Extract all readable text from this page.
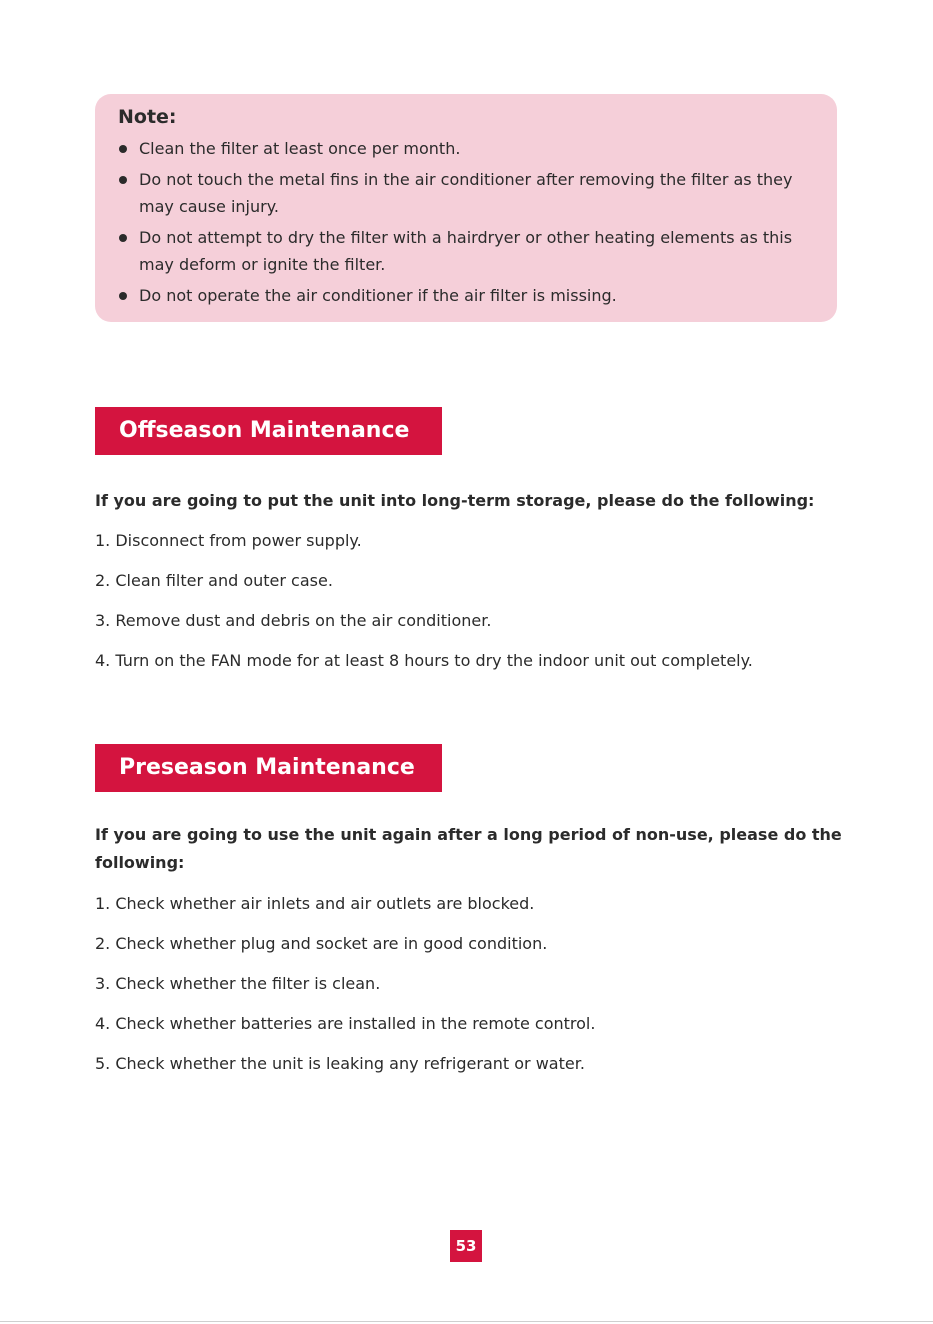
Note:
Clean the filter at least once per month.
Do not touch the metal fins in the air conditioner after removing the filter as they may cause injury.
Do not attempt to dry the filter with a hairdryer or other heating elements as this may deform or ignite the filter.
Do not operate the air conditioner if the air filter is missing.
Offseason Maintenance
If you are going to put the unit into long-term storage, please do the following:
1. Disconnect from power supply.
2. Clean filter and outer case.
3. Remove dust and debris on the air conditioner.
4. Turn on the FAN mode for at least 8 hours to dry the indoor unit out completely.
Preseason Maintenance
If you are going to use the unit again after a long period of non-use, please do the following:
1. Check whether air inlets and air outlets are blocked.
2. Check whether plug and socket are in good condition.
3. Check whether the filter is clean.
4. Check whether batteries are installed in the remote control.
5. Check whether the unit is leaking any refrigerant or water.
53
